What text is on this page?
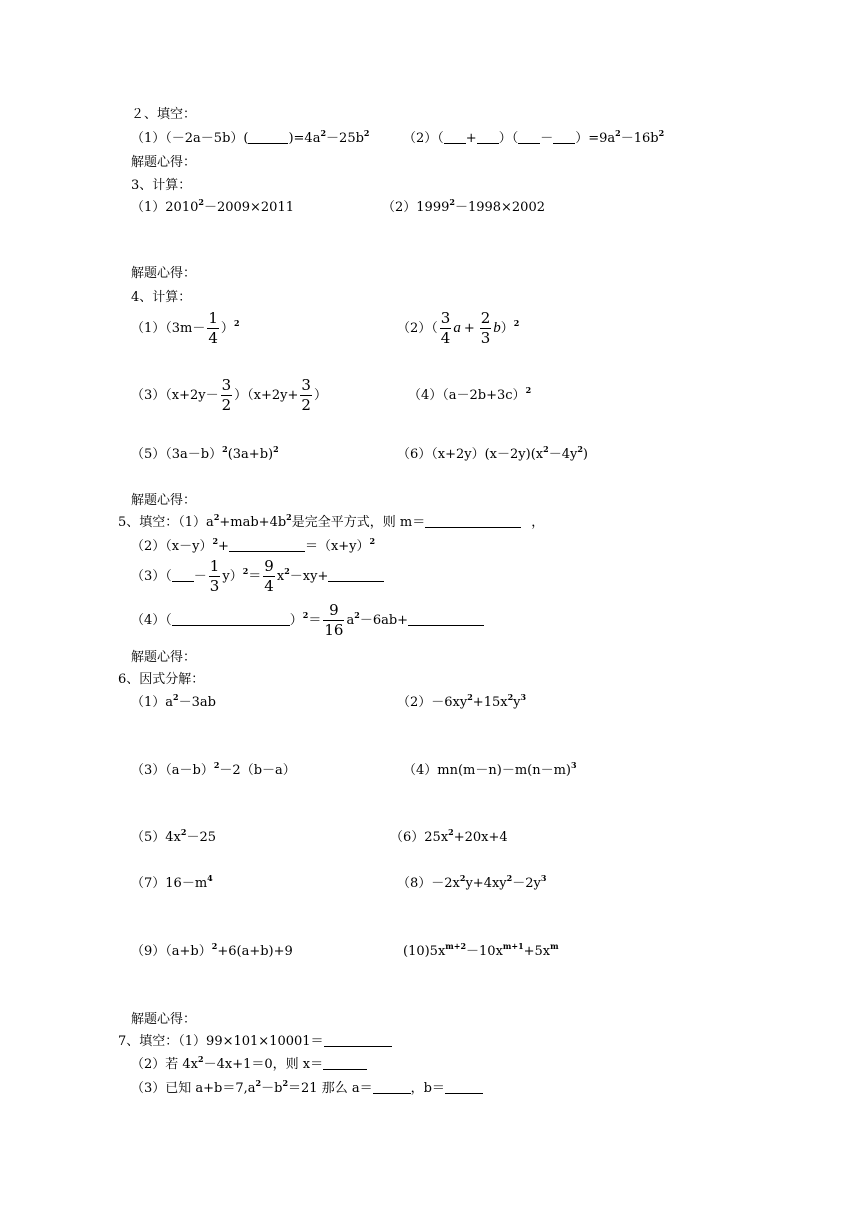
２、填空：
（1）（－2a－5b）(	)$=4a^2-25b^2$	（2）（ + ）（ － ）$=9a^2-16b^2$
解题心得：
3、计算：
$(1)2010^2-2009\times 2011$	$(2)1999^2-1998\times 2002$
解题心得：
4、计算：
$(1)(3m- \frac{1}{4} )^2$	$(2)( \frac{3}{4}$ $a + \frac{2}{3} b)^2$
$(3)(x+2y- \frac{3}{2} )(x+2y+ \frac{3}{2}$ ）	$(4)(a-2b+3c)^2$
$(5)(3a-b)^2(3a+b)^2$	$(6)(x+2y)(x-2y)(x^2-4y^2)$
解题心得：
5、填空：$(1)a^2+mab+4b^2$是完全平方式，则 m＝	，
$(2)(x-y)^2+$	$=(x+y)^2$
$(3)( - \frac{1}{3} y)^2= \frac{9}{4} x^2-xy+$
（4）（	）$^2= \frac{9}{16} a^2-6ab+$
解题心得：
6、因式分解：
$(1)a^2-3ab$	$(2)-6xy^2+15x^2y^3$
$(3)(a-b)^2-2(b-a)$	$(4)mn(m-n)-m(n-m)^3$
$(5)4x^2-25$	$(6)25x^2+20x+4$
$(7)16-m^4$	$(8)-2x^2y+4xy^2-2y^3$
$(9)(a+b)^2+6(a+b)+9$	$(10)5x^{m+2}-10x^{m+1}+5x^m$
解题心得：
7、填空：（1）99×101×10001＝
（2）若 $4x^2-4x+1=0$，则 x＝
（3）已知 $a+b=7,a^2-b^2=21$ 那么 a＝	，b＝
